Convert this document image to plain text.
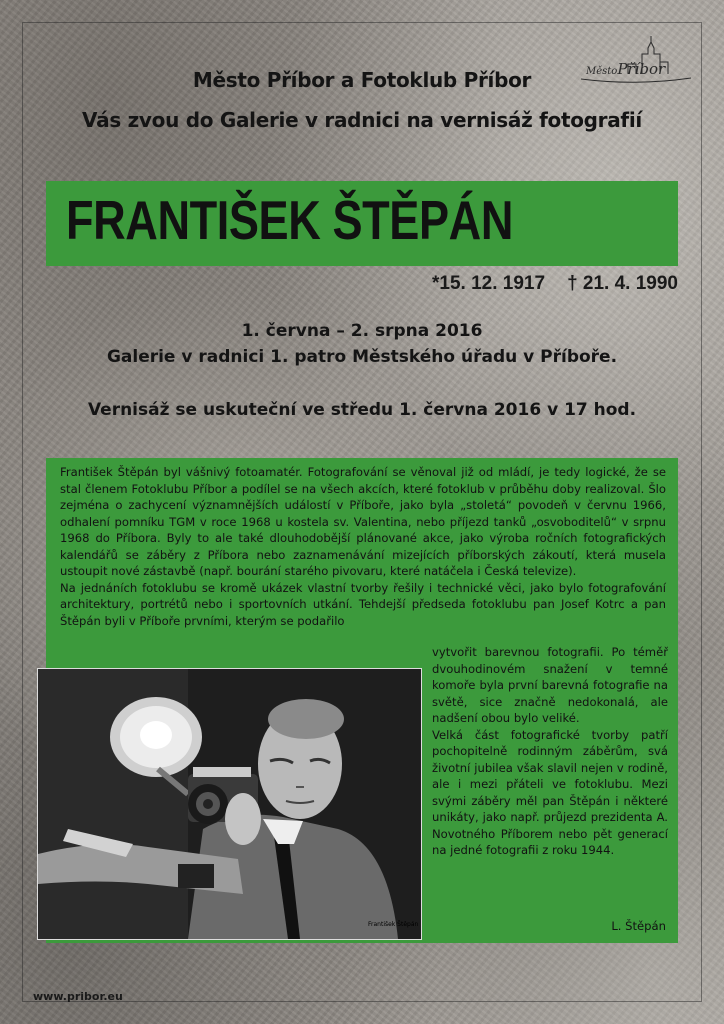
MěstoPříbor
Město Příbor a Fotoklub Příbor
Vás zvou do Galerie v radnici na vernisáž fotografií
FRANTIŠEK ŠTĚPÁN
*15. 12. 1917 † 21. 4. 1990
1. června – 2. srpna 2016
Galerie v radnici 1. patro Městského úřadu v Příboře.
Vernisáž se uskuteční ve středu 1. června 2016 v 17 hod.

František Štěpán byl vášnivý fotoamatér. Fotografování se věnoval již od mládí, je tedy logické, že se stal členem Fotoklubu Příbor a podílel se na všech akcích, které fotoklub v průběhu doby realizoval. Šlo zejména o zachycení významnějších událostí v Příboře, jako byla „stoletá“ povodeň v červnu 1966, odhalení pomníku TGM v roce 1968 u kostela sv. Valentina, nebo příjezd tanků „osvoboditelů“ v srpnu 1968 do Příbora. Byly to ale také dlouhodobější plánované akce, jako výroba ročních fotografických kalendářů se záběry z Příbora nebo zaznamenávání mizejících příborských zákoutí, která musela ustoupit nové zástavbě (např. bourání starého pivovaru, které natáčela i Česká televize).

Na jednáních fotoklubu se kromě ukázek vlastní tvorby řešily i technické věci, jako bylo fotografování architektury, portrétů nebo i sportovních utkání. Tehdejší předseda fotoklubu pan Josef Kotrc a pan Štěpán byli v Příboře prvními, kterým se podařilo

vytvořit barevnou fotografii. Po téměř dvouhodinovém snažení v temné komoře byla první barevná fotografie na světě, sice značně nedokonalá, ale nadšení obou bylo veliké.

Velká část fotografické tvorby patří pochopitelně rodinným záběrům, svá životní jubilea však slavil nejen v rodině, ale i mezi přáteli ve fotoklubu. Mezi svými záběry měl pan Štěpán i některé unikáty, jako např. průjezd prezidenta A. Novotného Příborem nebo pět generací na jedné fotografii z roku 1944.

L. Štěpán
František Štěpán
www.pribor.eu
